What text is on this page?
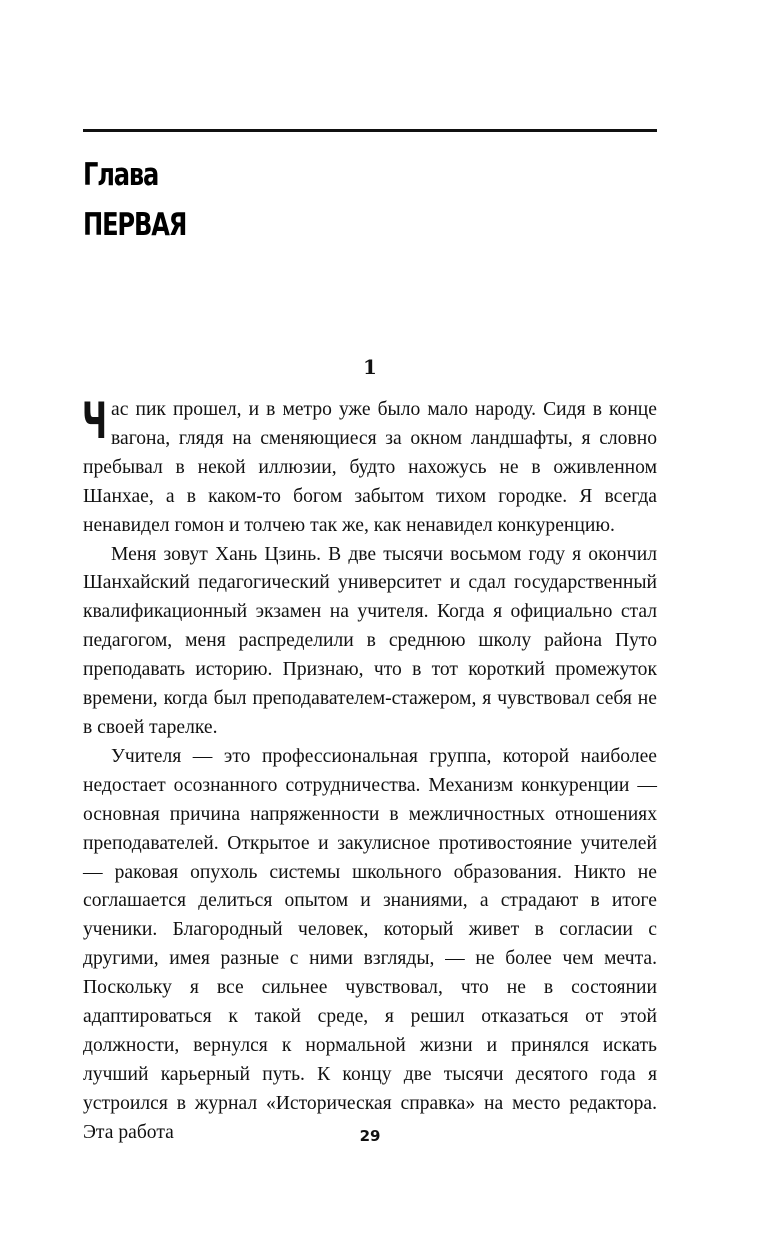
Глава
ПЕРВАЯ
1

Час пик прошел, и в метро уже было мало народу. Сидя в конце вагона, глядя на сменяющиеся за окном ландшафты, я словно пребывал в некой иллюзии, будто нахожусь не в оживленном Шанхае, а в каком-то богом забытом тихом городке. Я всегда ненавидел гомон и толчею так же, как ненавидел конкуренцию.

Меня зовут Хань Цзинь. В две тысячи восьмом году я окончил Шанхайский педагогический университет и сдал государственный квалификационный экзамен на учителя. Когда я официально стал педагогом, меня распределили в среднюю школу района Путо преподавать историю. Признаю, что в тот короткий промежуток времени, когда был преподавателем-стажером, я чувствовал себя не в своей тарелке.

Учителя — это профессиональная группа, которой наиболее недостает осознанного сотрудничества. Механизм конкуренции — основная причина напряженности в межличностных отношениях преподавателей. Открытое и закулисное противостояние учителей — раковая опухоль системы школьного образования. Никто не соглашается делиться опытом и знаниями, а страдают в итоге ученики. Благородный человек, который живет в согласии с другими, имея разные с ними взгляды, — не более чем мечта. Поскольку я все сильнее чувствовал, что не в состоянии адаптироваться к такой среде, я решил отказаться от этой должности, вернулся к нормальной жизни и принялся искать лучший карьерный путь. К концу две тысячи десятого года я устроился в журнал «Историческая справка» на место редактора. Эта работа	29
